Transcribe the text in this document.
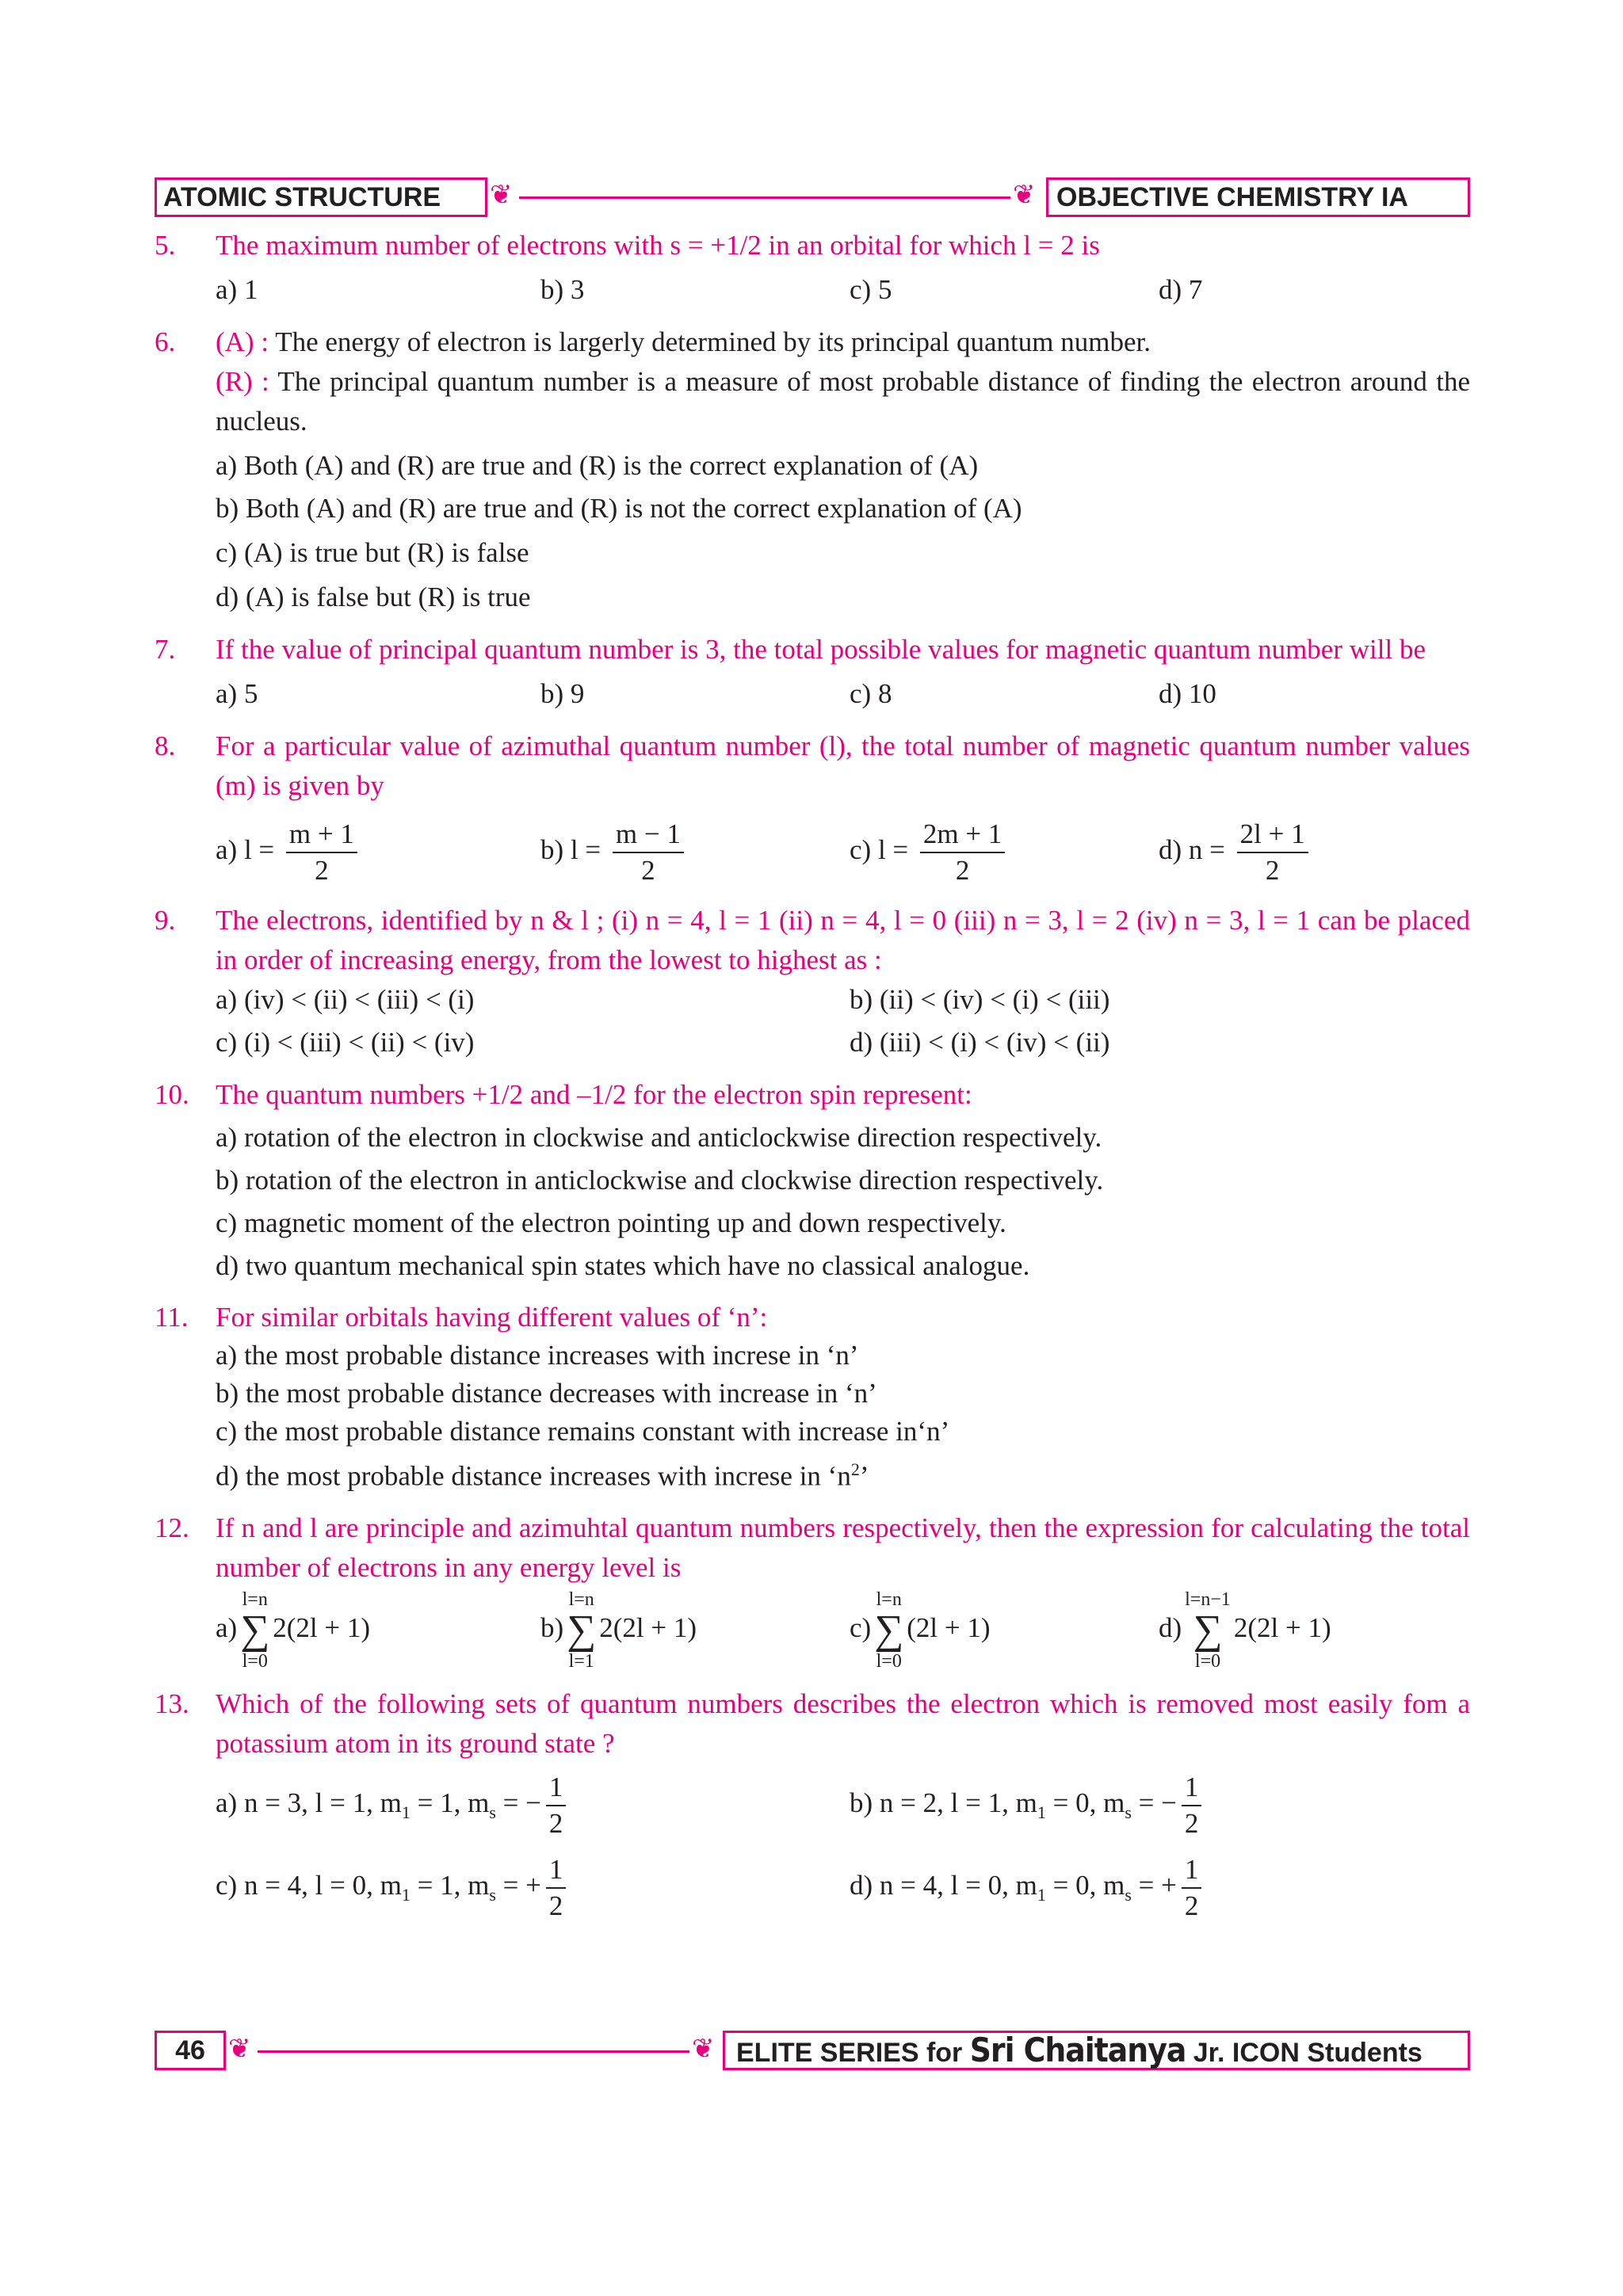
ATOMIC STRUCTURE	❦	❦ OBJECTIVE CHEMISTRY IA
5. The maximum number of electrons with s = +1/2 in an orbital for which l = 2 is
a) 1	b) 3	c) 5	d) 7
6. (A) : The energy of electron is largerly determined by its principal quantum number.
(R) : The principal quantum number is a measure of most probable distance of finding the electron around the nucleus.
a) Both (A) and (R) are true and (R) is the correct explanation of (A)
b) Both (A) and (R) are true and (R) is not the correct explanation of (A)
c) (A) is true but (R) is false
d) (A) is false but (R) is true
7. If the value of principal quantum number is 3, the total possible values for magnetic quantum number will be
a) 5	b) 9	c) 8	d) 10
8. For a particular value of azimuthal quantum number (l), the total number of magnetic quantum number values (m) is given by
a) $l = \frac{m + 1}{2}$	b) $l = \frac{m - 1}{2}$	c) $l = \frac{2m + 1}{2}$	d) $n = \frac{2l + 1}{2}$
9. The electrons, identified by n & l ; (i) n = 4, l = 1 (ii) n = 4, l = 0 (iii) n = 3, l = 2 (iv) n = 3, l = 1 can be placed in order of increasing energy, from the lowest to highest as :
a) (iv) < (ii) < (iii) < (i)	b) (ii) < (iv) < (i) < (iii)
c) (i) < (iii) < (ii) < (iv)	d) (iii) < (i) < (iv) < (ii)
10. The quantum numbers +1/2 and –1/2 for the electron spin represent:
a) rotation of the electron in clockwise and anticlockwise direction respectively.
b) rotation of the electron in anticlockwise and clockwise direction respectively.
c) magnetic moment of the electron pointing up and down respectively.
d) two quantum mechanical spin states which have no classical analogue.
11. For similar orbitals having different values of ‘n’:
a) the most probable distance increases with increse in ‘n’
b) the most probable distance decreases with increase in ‘n’
c) the most probable distance remains constant with increase in‘n’
d) the most probable distance increases with increse in ‘$n^2$’
12. If n and l are principle and azimuhtal quantum numbers respectively, then the expression for calculating the total number of electrons in any energy level is
a)
l=n
∑
l=0
2(2l + 1)	b)
l=n
∑
l=1
2(2l + 1)	c)
l=n
∑
l=0
(2l + 1)	d)
l=n−1
∑
l=0
2(2l + 1)
13. Which of the following sets of quantum numbers describes the electron which is removed most easily fom a potassium atom in its ground state ?
a) n = 3, l = 1, $m_1 = 1$, $m_s$ = − $\frac{1}{2}$	b) n = 2, l = 1, $m_1 = 0$, $m_s$ = − $\frac{1}{2}$
c) n = 4, l = 0, $m_1 = 1$, $m_s$ = + $\frac{1}{2}$	d) n = 4, l = 0, $m_1 = 0$, $m_s$ = + $\frac{1}{2}$
46 ❦	❦ ELITE SERIES for Sri Chaitanya Jr. ICON Students
